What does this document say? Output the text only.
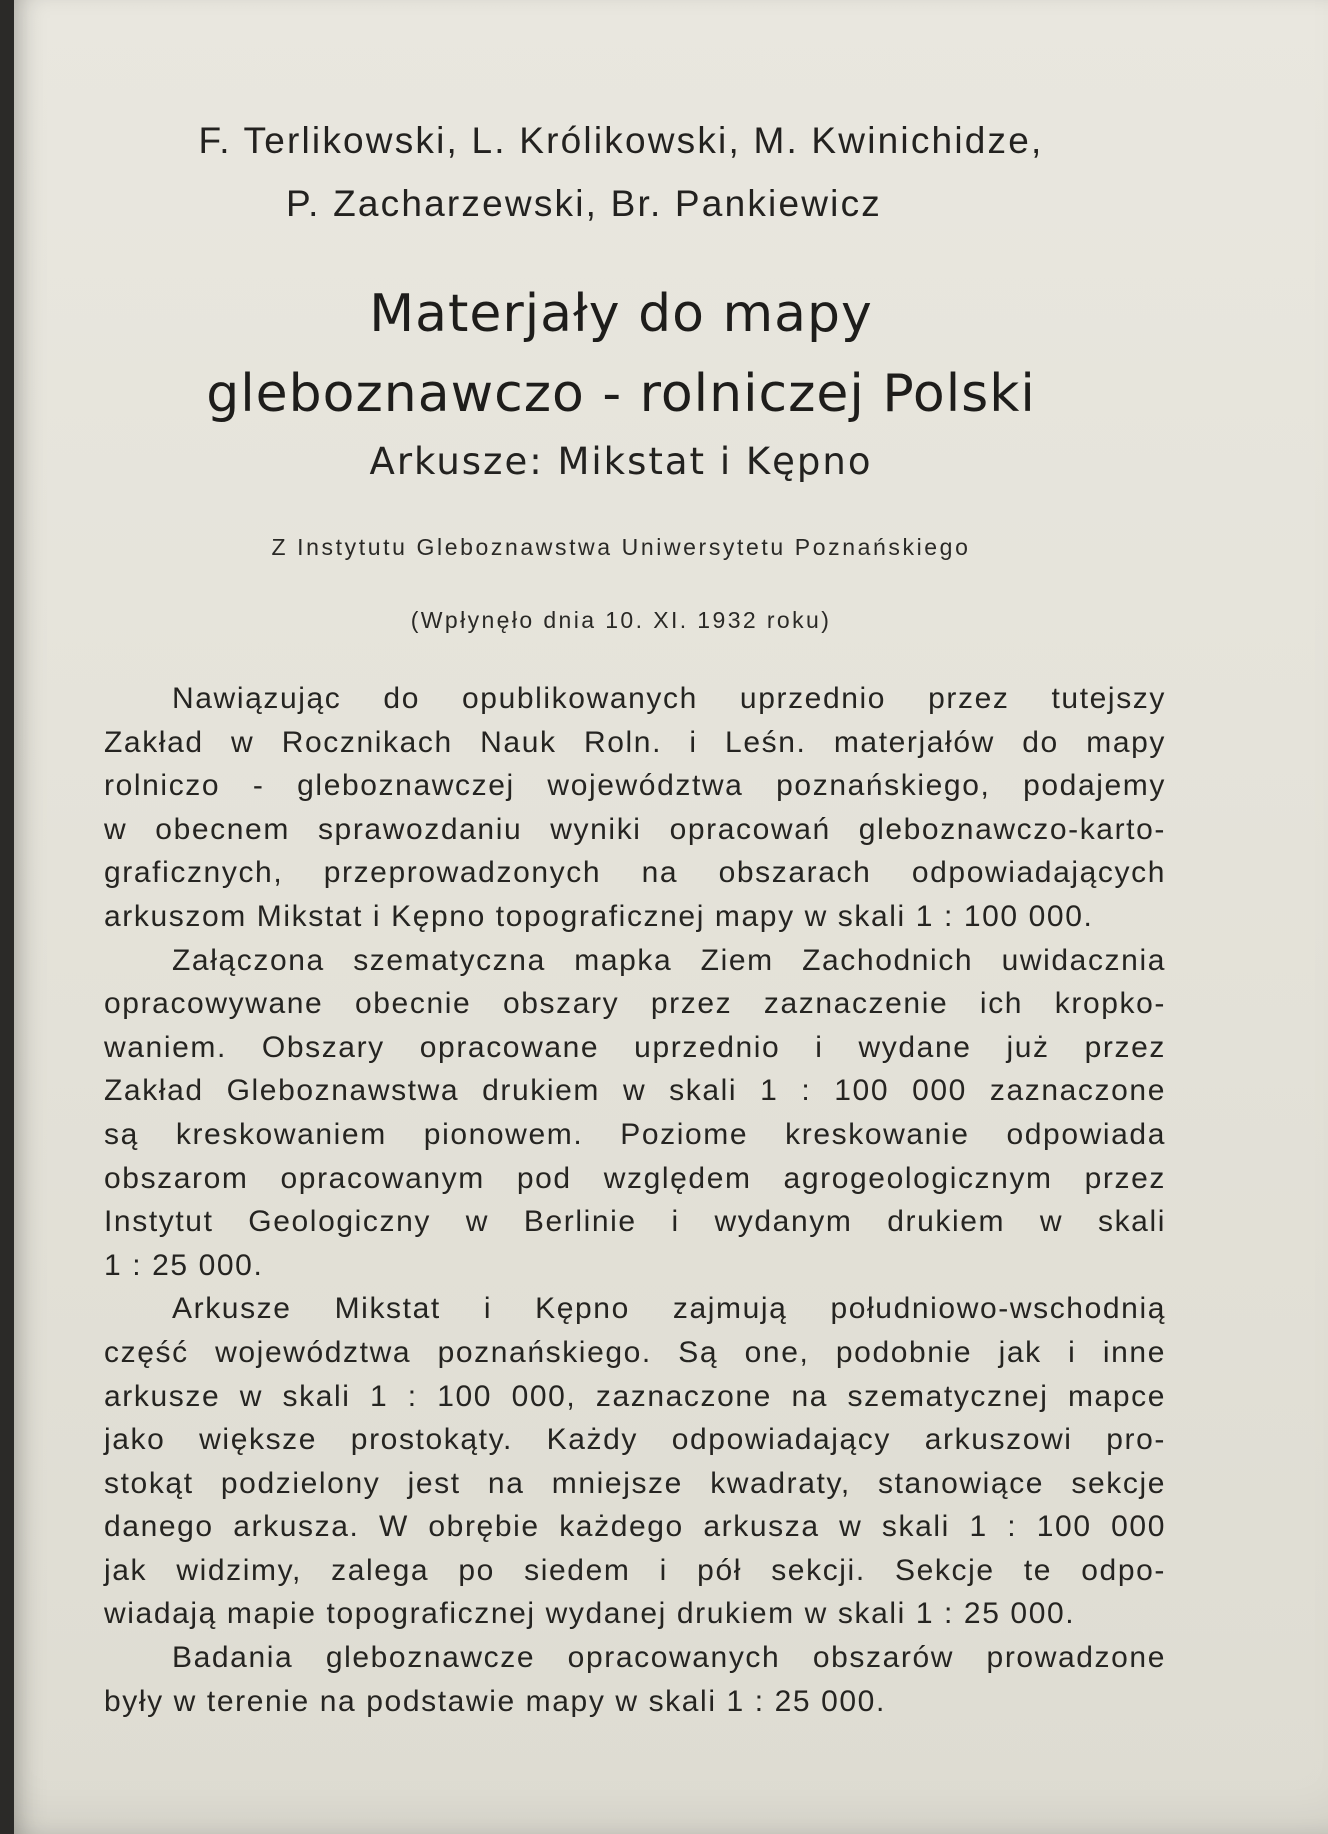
F. Terlikowski, L. Królikowski, M. Kwinichidze,
P. Zacharzewski, Br. Pankiewicz
Materjały do mapy
gleboznawczo - rolniczej Polski
Arkusze: Mikstat i Kępno
Z Instytutu Gleboznawstwa Uniwersytetu Poznańskiego
(Wpłynęło dnia 10. XI. 1932 roku)
Nawiązując do opublikowanych uprzednio przez tutejszy
Zakład w Rocznikach Nauk Roln. i Leśn. materjałów do mapy
rolniczo - gleboznawczej województwa poznańskiego, podajemy
w obecnem sprawozdaniu wyniki opracowań gleboznawczo-karto-
graficznych, przeprowadzonych na obszarach odpowiadających
arkuszom Mikstat i Kępno topograficznej mapy w skali 1 : 100 000.
Załączona szematyczna mapka Ziem Zachodnich uwidacznia
opracowywane obecnie obszary przez zaznaczenie ich kropko-
waniem. Obszary opracowane uprzednio i wydane już przez
Zakład Gleboznawstwa drukiem w skali 1 : 100 000 zaznaczone
są kreskowaniem pionowem. Poziome kreskowanie odpowiada
obszarom opracowanym pod względem agrogeologicznym przez
Instytut Geologiczny w Berlinie i wydanym drukiem w skali
1 : 25 000.
Arkusze Mikstat i Kępno zajmują południowo-wschodnią
część województwa poznańskiego. Są one, podobnie jak i inne
arkusze w skali 1 : 100 000, zaznaczone na szematycznej mapce
jako większe prostokąty. Każdy odpowiadający arkuszowi pro-
stokąt podzielony jest na mniejsze kwadraty, stanowiące sekcje
danego arkusza. W obrębie każdego arkusza w skali 1 : 100 000
jak widzimy, zalega po siedem i pół sekcji. Sekcje te odpo-
wiadają mapie topograficznej wydanej drukiem w skali 1 : 25 000.
Badania gleboznawcze opracowanych obszarów prowadzone
były w terenie na podstawie mapy w skali 1 : 25 000.
